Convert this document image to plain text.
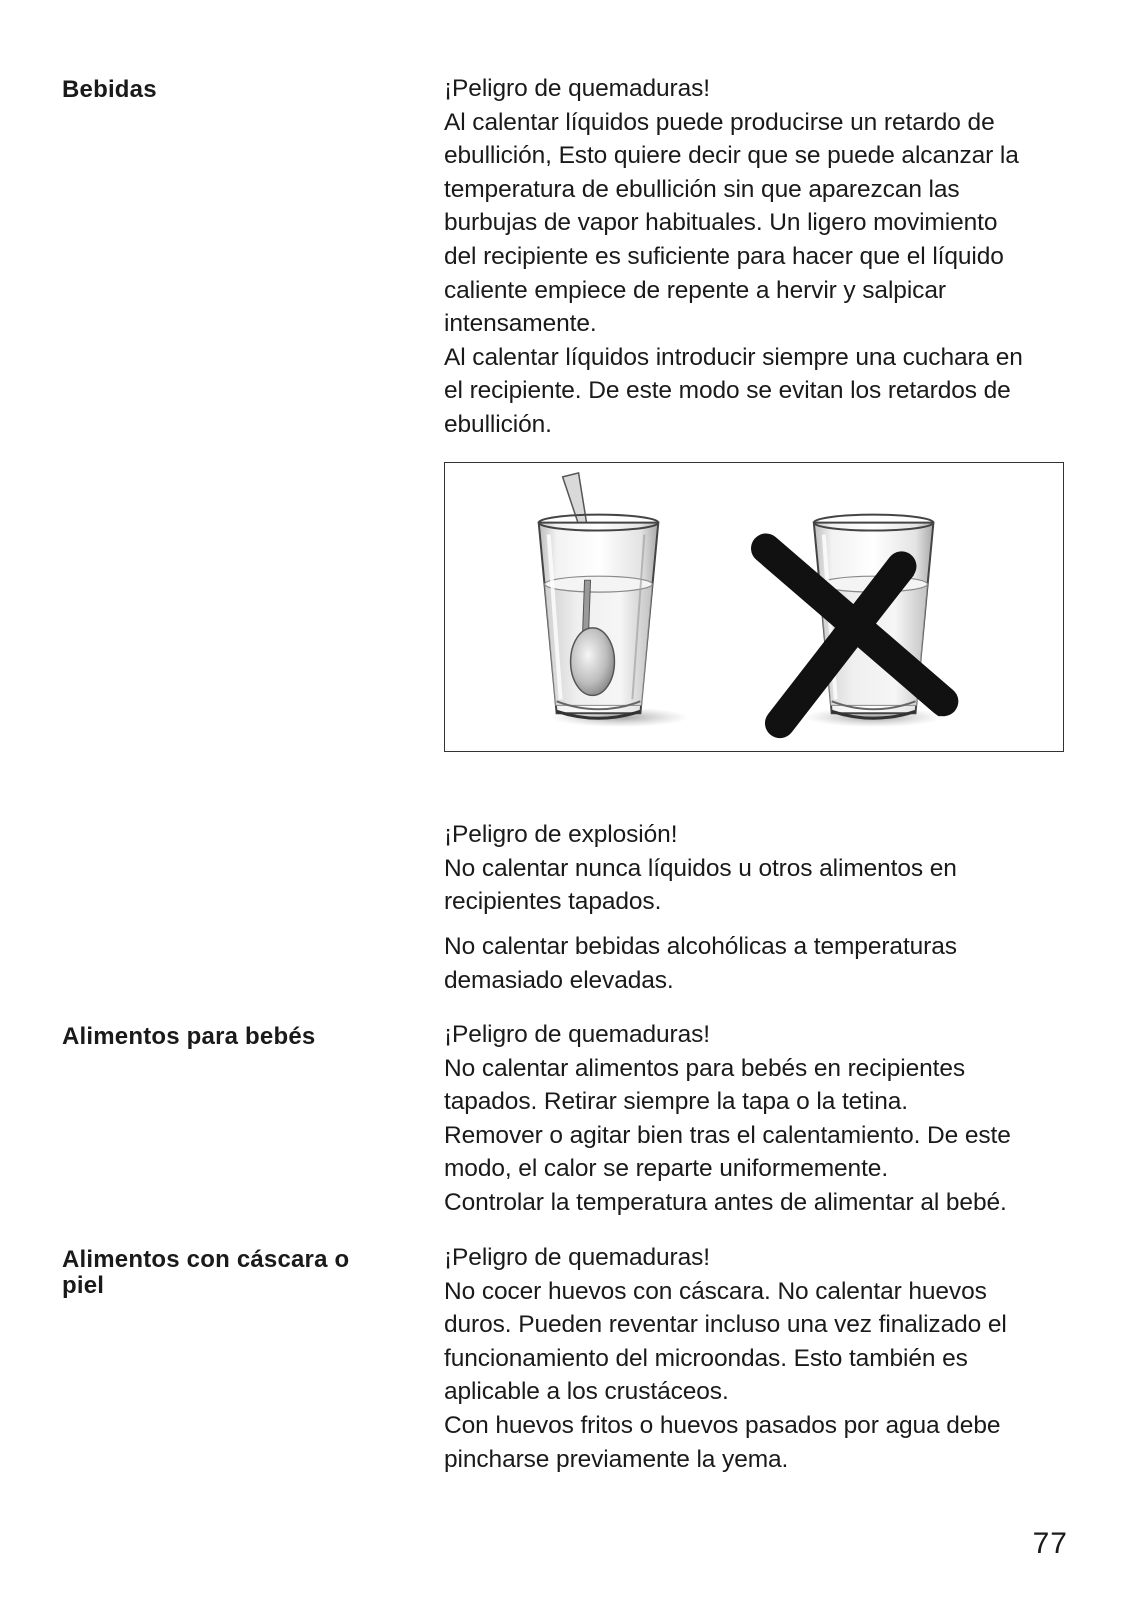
Bebidas	¡Peligro de quemaduras!
Al calentar líquidos puede producirse un retardo de
ebullición, Esto quiere decir que se puede alcanzar la
temperatura de ebullición sin que aparezcan las
burbujas de vapor habituales. Un ligero movimiento
del recipiente es suficiente para hacer que el líquido
caliente empiece de repente a hervir y salpicar
intensamente.
Al calentar líquidos introducir siempre una cuchara en
el recipiente. De este modo se evitan los retardos de
ebullición.
¡Peligro de explosión!
No calentar nunca líquidos u otros alimentos en
recipientes tapados.
No calentar bebidas alcohólicas a temperaturas
demasiado elevadas.
Alimentos para bebés	¡Peligro de quemaduras!
No calentar alimentos para bebés en recipientes
tapados. Retirar siempre la tapa o la tetina.
Remover o agitar bien tras el calentamiento. De este
modo, el calor se reparte uniformemente.
Controlar la temperatura antes de alimentar al bebé.
Alimentos con cáscara o
piel
¡Peligro de quemaduras!
No cocer huevos con cáscara. No calentar huevos
duros. Pueden reventar incluso una vez finalizado el
funcionamiento del microondas. Esto también es
aplicable a los crustáceos.
Con huevos fritos o huevos pasados por agua debe
pincharse previamente la yema.
77
